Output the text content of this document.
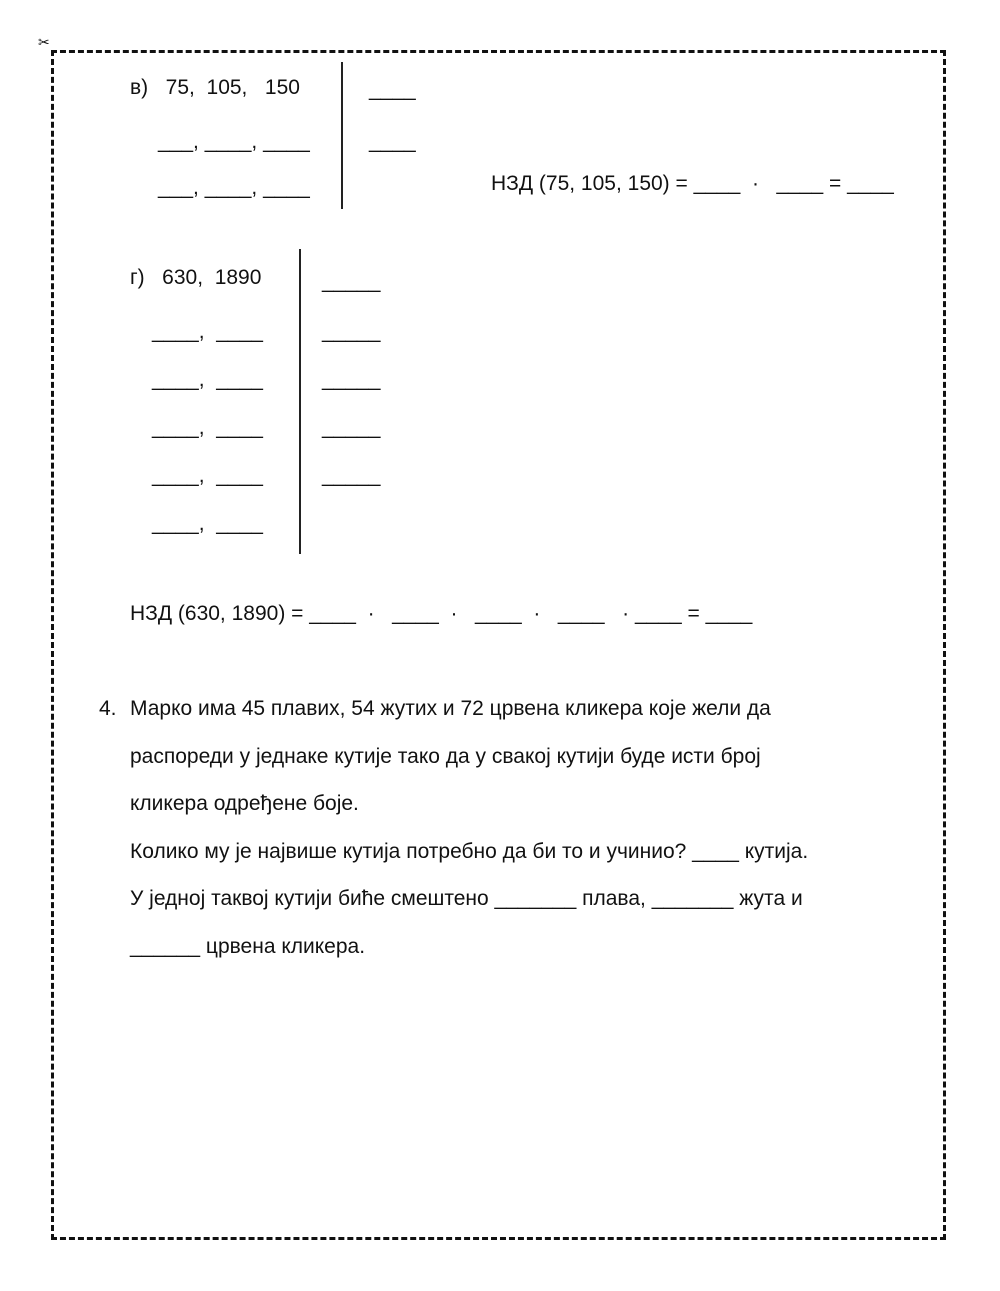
✂
в)   75,  105,   150
___, ____, ____
___, ____, ____
____
____
НЗД (75, 105, 150) = ____  ·   ____ = ____
г)   630,  1890
____,  ____
____,  ____
____,  ____
____,  ____
____,  ____
_____
_____
_____
_____
_____
НЗД (630, 1890) = ____  ·   ____  ·   ____  ·   ____   · ____ = ____
4. Марко има 45 плавих, 54 жутих и 72 црвена кликера које жели да
распореди у једнаке кутије тако да у свакој кутији буде исти број
кликера одређене боје.
Колико му је највише кутија потребно да би то и учинио? ____ кутија.
У једној таквој кутији биће смештено _______ плава, _______ жута и
______ црвена кликера.
